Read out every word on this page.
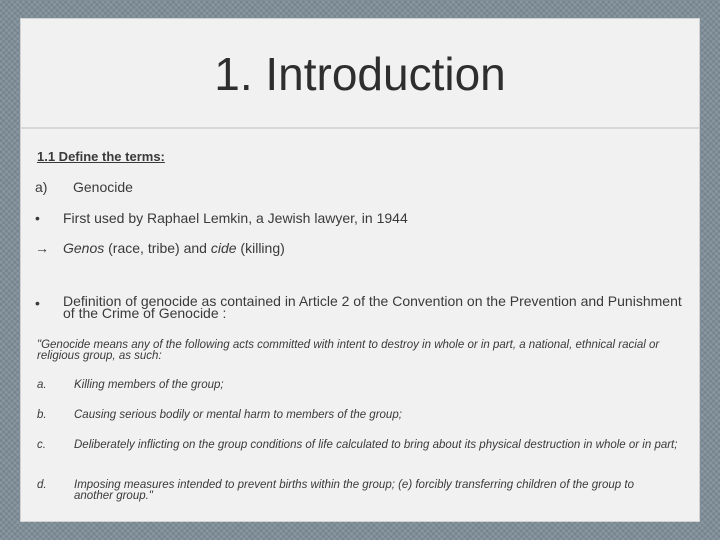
1. Introduction
1.1 Define the terms:
a) Genocide
• First used by Raphael Lemkin, a Jewish lawyer, in 1944
→ Genos (race, tribe) and cide (killing)
• Definition of genocide as contained in Article 2 of the Convention on the Prevention and Punishment of the Crime of Genocide :
"Genocide means any of the following acts committed with intent to destroy in whole or in part, a national, ethnical racial or religious group, as such:
a. Killing members of the group;
b. Causing serious bodily or mental harm to members of the group;
c. Deliberately inflicting on the group conditions of life calculated to bring about its physical destruction in whole or in part;
d. Imposing measures intended to prevent births within the group; (e) forcibly transferring children of the group to another group."
